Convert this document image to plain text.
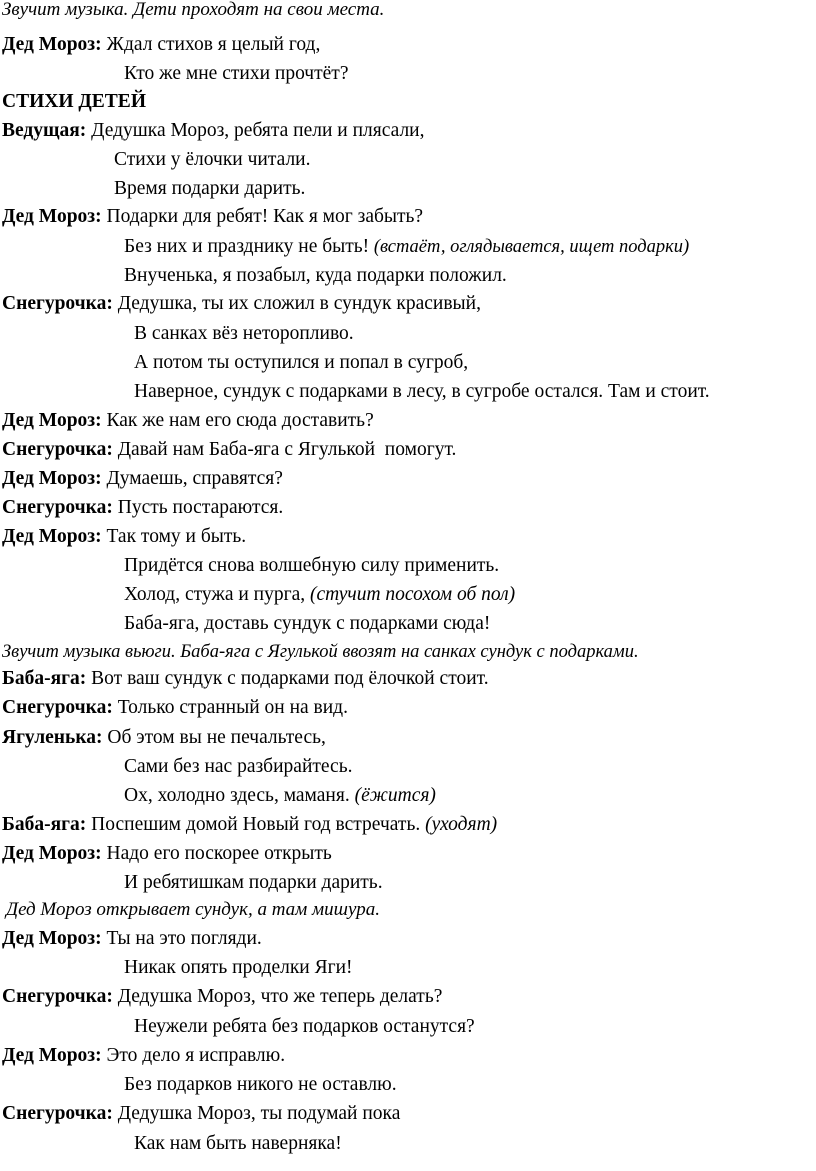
Звучит музыка. Дети проходят на свои места.
Дед Мороз: Ждал стихов я целый год,
Кто же мне стихи прочтёт?
СТИХИ ДЕТЕЙ
Ведущая: Дедушка Мороз, ребята пели и плясали,
Стихи у ёлочки читали.
Время подарки дарить.
Дед Мороз: Подарки для ребят! Как я мог забыть?
Без них и празднику не быть! (встаёт, оглядывается, ищет подарки)
Внученька, я позабыл, куда подарки положил.
Снегурочка: Дедушка, ты их сложил в сундук красивый,
В санках вёз неторопливо.
А потом ты оступился и попал в сугроб,
Наверное, сундук с подарками в лесу, в сугробе остался. Там и стоит.
Дед Мороз: Как же нам его сюда доставить?
Снегурочка: Давай нам Баба-яга с Ягулькой  помогут.
Дед Мороз: Думаешь, справятся?
Снегурочка: Пусть постараются.
Дед Мороз: Так тому и быть.
Придётся снова волшебную силу применить.
Холод, стужа и пурга, (стучит посохом об пол)
Баба-яга, доставь сундук с подарками сюда!
Звучит музыка вьюги. Баба-яга с Ягулькой ввозят на санках сундук с подарками.
Баба-яга: Вот ваш сундук с подарками под ёлочкой стоит.
Снегурочка: Только странный он на вид.
Ягуленька: Об этом вы не печальтесь,
Сами без нас разбирайтесь.
Ох, холодно здесь, маманя. (ёжится)
Баба-яга: Поспешим домой Новый год встречать. (уходят)
Дед Мороз: Надо его поскорее открыть
И ребятишкам подарки дарить.
Дед Мороз открывает сундук, а там мишура.
Дед Мороз: Ты на это погляди.
Никак опять проделки Яги!
Снегурочка: Дедушка Мороз, что же теперь делать?
Неужели ребята без подарков останутся?
Дед Мороз: Это дело я исправлю.
Без подарков никого не оставлю.
Снегурочка: Дедушка Мороз, ты подумай пока
Как нам быть наверняка!
